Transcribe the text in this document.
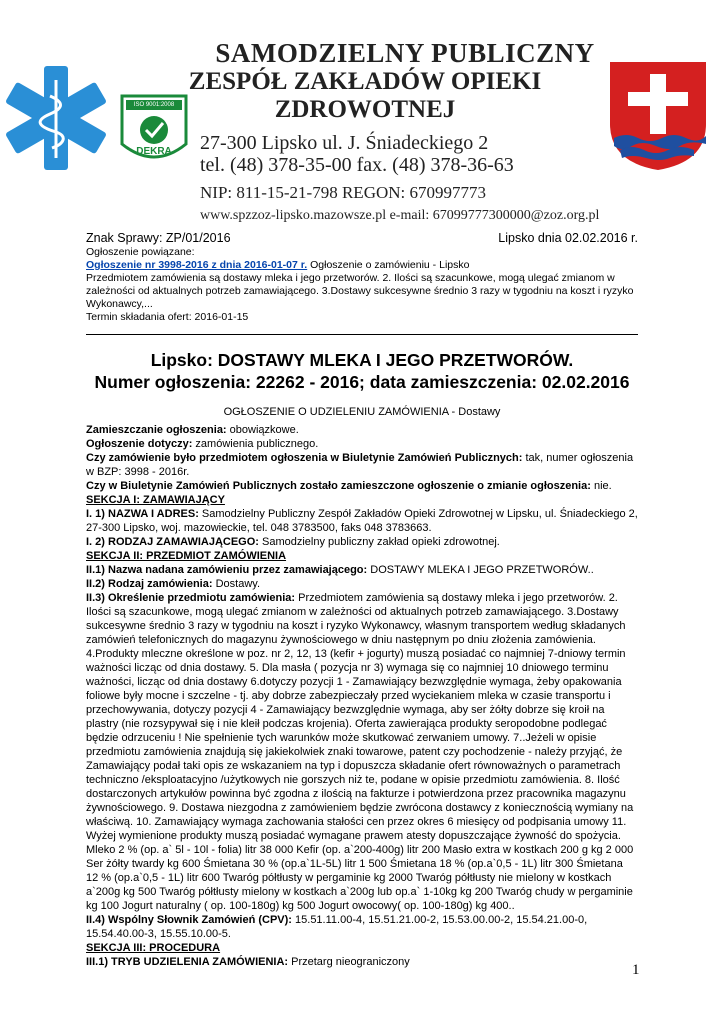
ISO 9001:2008
DEKRA
SAMODZIELNY PUBLICZNY
ZESPÓŁ ZAKŁADÓW OPIEKI ZDROWOTNEJ
27-300 Lipsko ul. J. Śniadeckiego 2
tel. (48) 378-35-00 fax. (48) 378-36-63
NIP: 811-15-21-798 REGON: 670997773
www.spzzoz-lipsko.mazowsze.pl e-mail: 67099777300000@zoz.org.pl
Znak Sprawy: ZP/01/2016	Lipsko dnia 02.02.2016 r.

Ogłoszenie powiązane:

Ogłoszenie nr 3998-2016 z dnia 2016-01-07 r. Ogłoszenie o zamówieniu - Lipsko

Przedmiotem zamówienia są dostawy mleka i jego przetworów. 2. Ilości są szacunkowe, mogą ulegać zmianom w zależności od aktualnych potrzeb zamawiającego. 3.Dostawy sukcesywne średnio 3 razy w tygodniu na koszt i ryzyko Wykonawcy,...

Termin składania ofert: 2016-01-15

Lipsko: DOSTAWY MLEKA I JEGO PRZETWORÓW.
Numer ogłoszenia: 22262 - 2016; data zamieszczenia: 02.02.2016
OGŁOSZENIE O UDZIELENIU ZAMÓWIENIA - Dostawy

Zamieszczanie ogłoszenia: obowiązkowe.

Ogłoszenie dotyczy: zamówienia publicznego.

Czy zamówienie było przedmiotem ogłoszenia w Biuletynie Zamówień Publicznych: tak, numer ogłoszenia w BZP: 3998 - 2016r.

Czy w Biuletynie Zamówień Publicznych zostało zamieszczone ogłoszenie o zmianie ogłoszenia: nie.

SEKCJA I: ZAMAWIAJĄCY

I. 1) NAZWA I ADRES: Samodzielny Publiczny Zespół Zakładów Opieki Zdrowotnej w Lipsku, ul. Śniadeckiego 2, 27-300 Lipsko, woj. mazowieckie, tel. 048 3783500, faks 048 3783663.

I. 2) RODZAJ ZAMAWIAJĄCEGO: Samodzielny publiczny zakład opieki zdrowotnej.

SEKCJA II: PRZEDMIOT ZAMÓWIENIA

II.1) Nazwa nadana zamówieniu przez zamawiającego: DOSTAWY MLEKA I JEGO PRZETWORÓW..

II.2) Rodzaj zamówienia: Dostawy.

II.3) Określenie przedmiotu zamówienia: Przedmiotem zamówienia są dostawy mleka i jego przetworów. 2. Ilości są szacunkowe, mogą ulegać zmianom w zależności od aktualnych potrzeb zamawiającego. 3.Dostawy sukcesywne średnio 3 razy w tygodniu na koszt i ryzyko Wykonawcy, własnym transportem według składanych zamówień telefonicznych do magazynu żywnościowego w dniu następnym po dniu złożenia zamówienia. 4.Produkty mleczne określone w poz. nr 2, 12, 13 (kefir + jogurty) muszą posiadać co najmniej 7-dniowy termin ważności licząc od dnia dostawy. 5. Dla masła ( pozycja nr 3) wymaga się co najmniej 10 dniowego terminu ważności, licząc od dnia dostawy 6.dotyczy pozycji 1 - Zamawiający bezwzględnie wymaga, żeby opakowania foliowe były mocne i szczelne - tj. aby dobrze zabezpieczały przed wyciekaniem mleka w czasie transportu i przechowywania, dotyczy pozycji 4 - Zamawiający bezwzględnie wymaga, aby ser żółty dobrze się kroił na plastry (nie rozsypywał się i nie kleił podczas krojenia). Oferta zawierająca produkty seropodobne podlegać będzie odrzuceniu ! Nie spełnienie tych warunków może skutkować zerwaniem umowy. 7..Jeżeli w opisie przedmiotu zamówienia znajdują się jakiekolwiek znaki towarowe, patent czy pochodzenie - należy przyjąć, że Zamawiający podał taki opis ze wskazaniem na typ i dopuszcza składanie ofert równoważnych o parametrach techniczno /eksploatacyjno /użytkowych nie gorszych niż te, podane w opisie przedmiotu zamówienia. 8. Ilość dostarczonych artykułów powinna być zgodna z ilością na fakturze i potwierdzona przez pracownika magazynu żywnościowego. 9. Dostawa niezgodna z zamówieniem będzie zwrócona dostawcy z koniecznością wymiany na właściwą. 10. Zamawiający wymaga zachowania stałości cen przez okres 6 miesięcy od podpisania umowy 11. Wyżej wymienione produkty muszą posiadać wymagane prawem atesty dopuszczające żywność do spożycia. Mleko 2 % (op. a` 5l - 10l - folia) litr 38 000 Kefir (op. a`200-400g) litr 200 Masło extra w kostkach 200 g kg 2 000 Ser żółty twardy kg 600 Śmietana 30 % (op.a`1L-5L) litr 1 500 Śmietana 18 % (op.a`0,5 - 1L) litr 300 Śmietana 12 % (op.a`0,5 - 1L) litr 600 Twaróg półtłusty w pergaminie kg 2000 Twaróg półtłusty nie mielony w kostkach a`200g kg 500 Twaróg półtłusty mielony w kostkach a`200g lub op.a` 1-10kg kg 200 Twaróg chudy w pergaminie kg 100 Jogurt naturalny ( op. 100-180g) kg 500 Jogurt owocowy( op. 100-180g) kg 400..

II.4) Wspólny Słownik Zamówień (CPV): 15.51.11.00-4, 15.51.21.00-2, 15.53.00.00-2, 15.54.21.00-0, 15.54.40.00-3, 15.55.10.00-5.

SEKCJA III: PROCEDURA

III.1) TRYB UDZIELENIA ZAMÓWIENIA: Przetarg nieograniczony	1
